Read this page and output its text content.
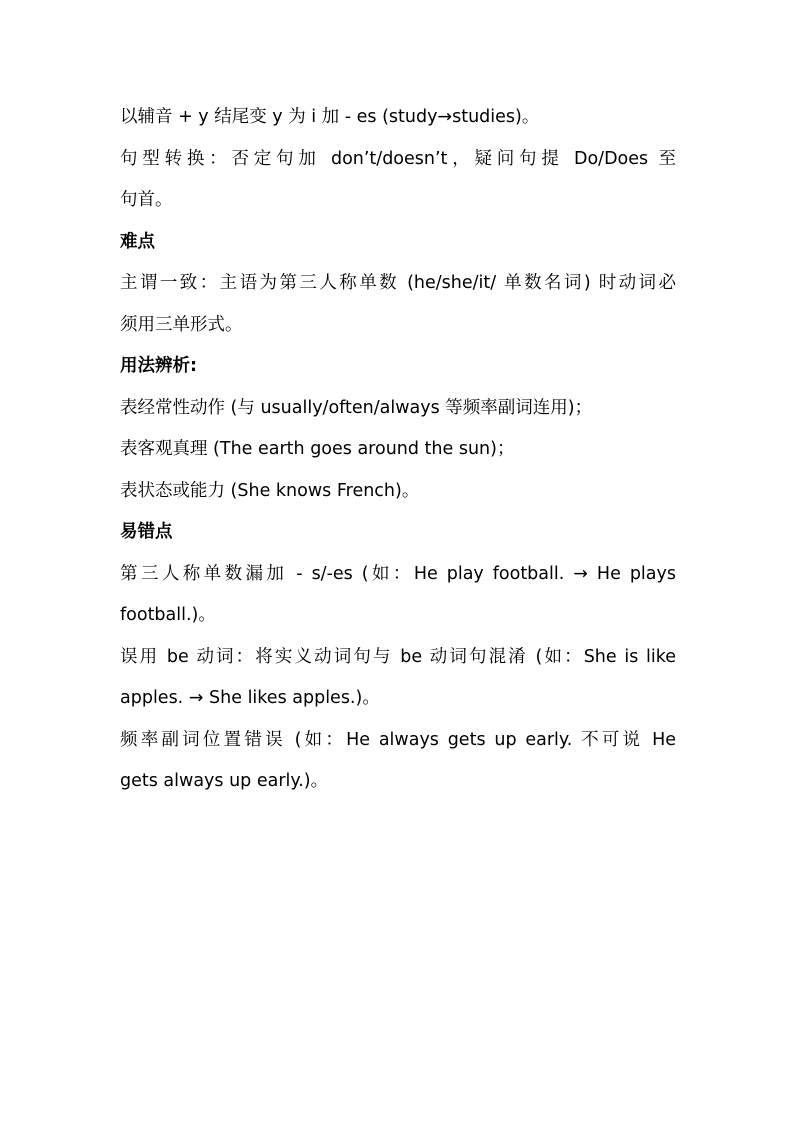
以辅音 + y 结尾变 y 为 i 加 - es (study→studies)。
句型转换：否定句加 don’t/doesn’t，疑问句提 Do/Does 至
句首。
难点
主谓一致：主语为第三人称单数 (he/she/it/ 单数名词) 时动词必
须用三单形式。
用法辨析:
表经常性动作 (与 usually/often/always 等频率副词连用)；
表客观真理 (The earth goes around the sun)；
表状态或能力 (She knows French)。
易错点
第三人称单数漏加 - s/-es (如：He play football. → He plays
football.)。
误用 be 动词：将实义动词句与 be 动词句混淆 (如：She is like
apples. → She likes apples.)。
频率副词位置错误 (如：He always gets up early. 不可说 He
gets always up early.)。
